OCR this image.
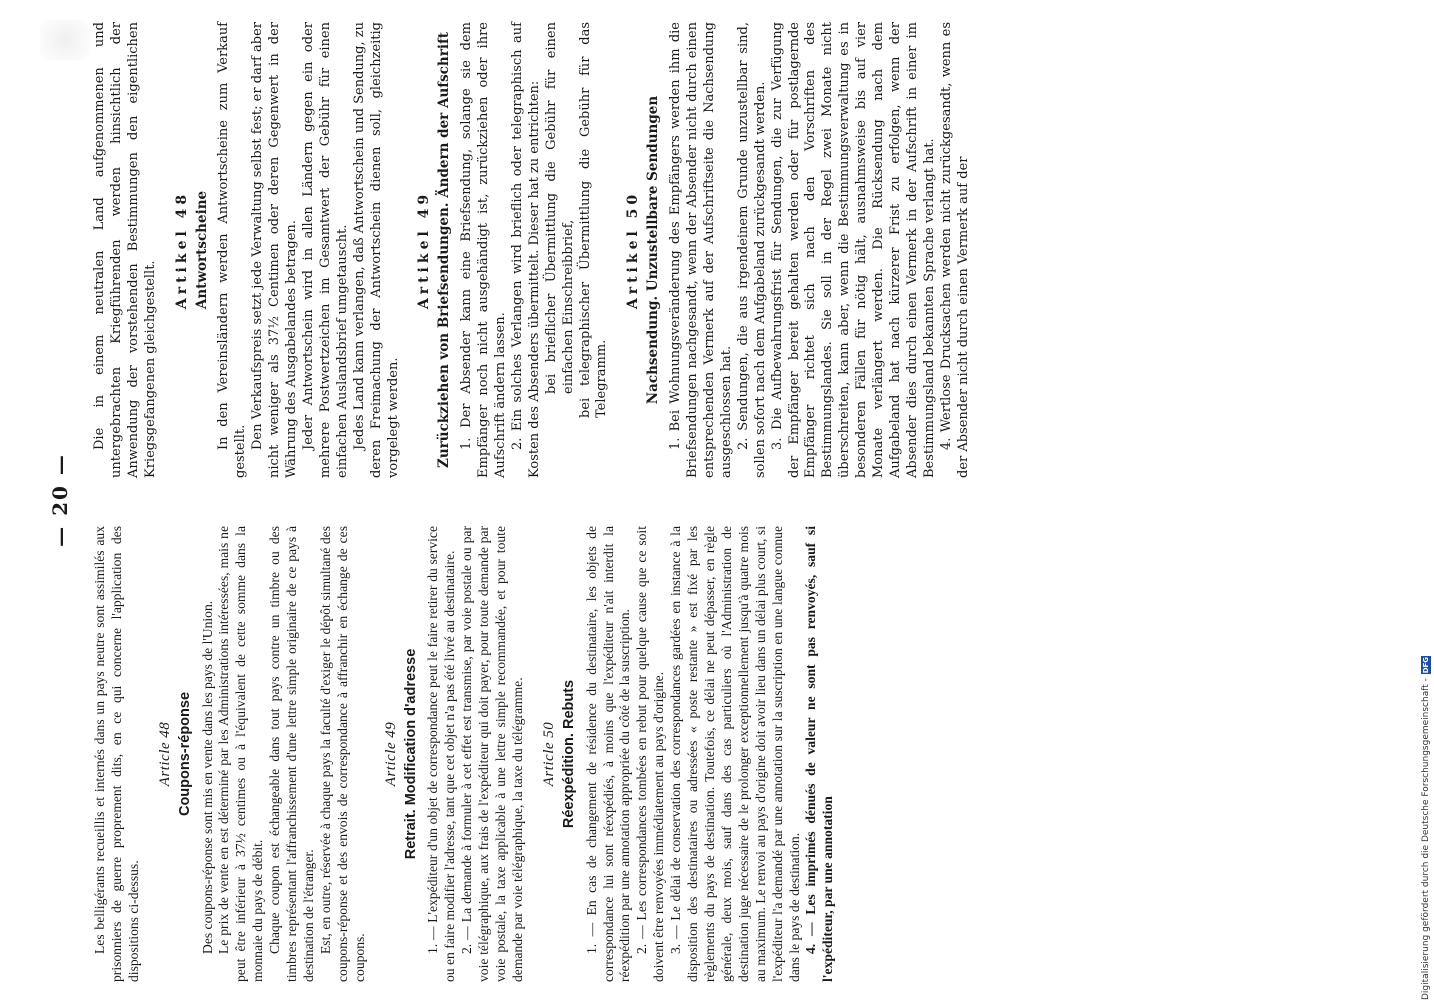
— 20 —

Les belligérants recueillis et internés dans un pays neutre sont assimilés aux prisonniers de guerre proprement dits, en ce qui concerne l'application des dispositions ci-dessus.

Article 48 Coupons-réponse Des coupons-réponse sont mis en vente dans les pays de l'Union. Le prix de vente en est déterminé par les Administrations intéressées, mais ne peut être inférieur à 37½ centimes ou à l'équivalent de cette somme dans la monnaie du pays de débit. Chaque coupon est échangeable dans tout pays contre un timbre ou des timbres représentant l'affranchissement d'une lettre simple originaire de ce pays à destination de l'étranger. Est, en outre, réservée à chaque pays la faculté d'exiger le dépôt simultané des coupons-réponse et des envois de correspondance à affranchir en échange de ces coupons.

Article 49 Retrait. Modification d'adresse 1. — L'expéditeur d'un objet de correspondance peut le faire retirer du service ou en faire modifier l'adresse, tant que cet objet n'a pas été livré au destinataire. 2. — La demande à formuler à cet effet est transmise, par voie postale ou par voie télégraphique, aux frais de l'expéditeur qui doit payer, pour toute demande par voie postale, la taxe applicable à une lettre simple recommandée, et pour toute demande par voie télégraphique, la taxe du télégramme. Article 50 Réexpédition. Rebuts 1. — En cas de changement de résidence du destinataire, les objets de correspondance lui sont réexpédiés, à moins que l'expéditeur n'ait interdit la réexpédition par une annotation appropriée du côté de la suscription. 2. — Les correspondances tombées en rebut pour quelque cause que ce soit doivent être renvoyées immédiatement au pays d'origine. 3. — Le délai de conservation des correspondances gardées en instance à la disposition des destinataires ou adressées « poste restante » est fixé par les règlements du pays de destination. Toutefois, ce délai ne peut dépasser, en règle générale, deux mois, sauf dans des cas particuliers où l'Administration de destination juge nécessaire de le prolonger exceptionnellement jusqu'à quatre mois au maximum. Le renvoi au pays d'origine doit avoir lieu dans un délai plus court, si l'expéditeur l'a demandé par une annotation sur la suscription en une langue connue dans le pays de destination. 4. — Les imprimés dénués de valeur ne sont pas renvoyés, sauf si l'expéditeur, par une annotation

Die in einem neutralen Land aufgenommenen und untergebrachten Kriegführenden werden hinsichtlich der Anwendung der vorstehenden Bestimmungen den eigentlichen Kriegsgefangenen gleichgestellt.

Artikel 48 Antwortscheine In den Vereinsländern werden Antwortscheine zum Verkauf gestellt.

Den Verkaufspreis setzt jede Verwaltung selbst fest; er darf aber nicht weniger als 37½ Centimen oder deren Gegenwert in der Währung des Ausgabelandes betragen. Jeder Antwortschein wird in allen Ländern gegen ein oder mehrere Postwertzeichen im Gesamtwert der Gebühr für einen einfachen Auslandsbrief umgetauscht. Jedes Land kann verlangen, daß Antwortschein und Sendung, zu deren Freimachung der Antwortschein dienen soll, gleichzeitig vorgelegt werden.

Artikel 49 Zurückziehen von Briefsendungen. Ändern der Aufschrift 1. Der Absender kann eine Briefsendung, solange sie dem Empfänger noch nicht ausgehändigt ist, zurückziehen oder ihre Aufschrift ändern lassen. 2. Ein solches Verlangen wird brieflich oder telegraphisch auf Kosten des Absenders übermittelt. Dieser hat zu entrichten: bei brieflicher Übermittlung die Gebühr für einen einfachen Einschreibbrief, bei telegraphischer Übermittlung die Gebühr für das Telegramm.

Artikel 50 Nachsendung. Unzustellbare Sendungen 1. Bei Wohnungsveränderung des Empfängers werden ihm die Briefsendungen nachgesandt, wenn der Absender nicht durch einen entsprechenden Vermerk auf der Aufschriftseite die Nachsendung ausgeschlossen hat. 2. Sendungen, die aus irgendeinem Grunde unzustellbar sind, sollen sofort nach dem Aufgabeland zurückgesandt werden. 3. Die Aufbewahrungsfrist für Sendungen, die zur Verfügung der Empfänger bereit gehalten werden oder für postlagernde Empfänger richtet sich nach den Vorschriften des Bestimmungslandes. Sie soll in der Regel zwei Monate nicht überschreiten, kann aber, wenn die Bestimmungsverwaltung es in besonderen Fällen für nötig hält, ausnahmsweise bis auf vier Monate verlängert werden. Die Rücksendung nach dem Aufgabeland hat nach kürzerer Frist zu erfolgen, wenn der Absender dies durch einen Vermerk in der Aufschrift in einer im Bestimmungsland bekannten Sprache verlangt hat. 4. Wertlose Drucksachen werden nicht zurückgesandt, wenn es der Absender nicht durch einen Vermerk auf der

Digitalisierung gefördert durch die Deutsche Forschungsgemeinschaft -
DFG
